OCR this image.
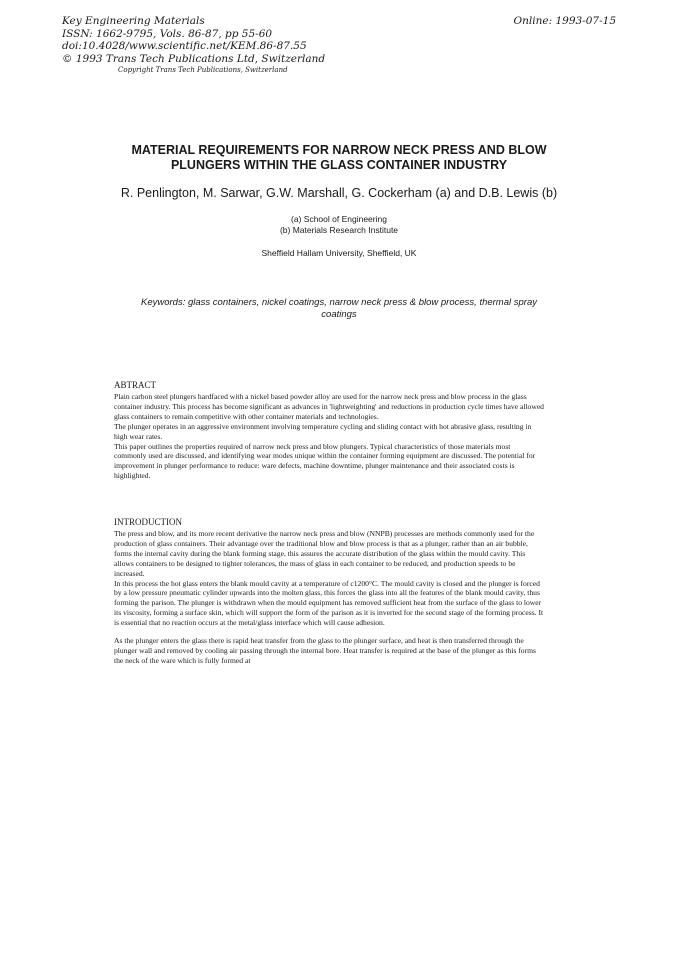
Key Engineering Materials
ISSN: 1662-9795, Vols. 86-87, pp 55-60
doi:10.4028/www.scientific.net/KEM.86-87.55
© 1993 Trans Tech Publications Ltd, Switzerland
Online: 1993-07-15
Copyright Trans Tech Publications, Switzerland
MATERIAL REQUIREMENTS FOR NARROW NECK PRESS AND BLOW PLUNGERS WITHIN THE GLASS CONTAINER INDUSTRY
R. Penlington, M. Sarwar, G.W. Marshall, G. Cockerham (a) and D.B. Lewis (b)
(a) School of Engineering
(b) Materials Research Institute
Sheffield Hallam University, Sheffield, UK
Keywords: glass containers, nickel coatings, narrow neck press & blow process, thermal spray coatings
ABTRACT

Plain carbon steel plungers hardfaced with a nickel based powder alloy are used for the narrow neck press and blow process in the glass container industry. This process has become significant as advances in 'lightweighting' and reductions in production cycle times have allowed glass containers to remain competitive with other container materials and technologies.

The plunger operates in an aggressive environment involving temperature cycling and sliding contact with hot abrasive glass, resulting in high wear rates.

This paper outlines the properties required of narrow neck press and blow plungers. Typical characteristics of those materials most commonly used are discussed, and identifying wear modes unique within the container forming equipment are discussed. The potential for improvement in plunger performance to reduce: ware defects, machine downtime, plunger maintenance and their associated costs is highlighted.

INTRODUCTION

The press and blow, and its more recent derivative the narrow neck press and blow (NNPB) processes are methods commonly used for the production of glass containers. Their advantage over the traditional blow and blow process is that as a plunger, rather than an air bubble, forms the internal cavity during the blank forming stage, this assures the accurate distribution of the glass within the mould cavity. This allows containers to be designed to tighter tolerances, the mass of glass in each container to be reduced, and production speeds to be increased.

In this process the hot glass enters the blank mould cavity at a temperature of c1200°C. The mould cavity is closed and the plunger is forced by a low pressure pneumatic cylinder upwards into the molten glass, this forces the glass into all the features of the blank mould cavity, thus forming the parison. The plunger is withdrawn when the mould equipment has removed sufficient heat from the surface of the glass to lower its viscosity, forming a surface skin, which will support the form of the parison as it is inverted for the second stage of the forming process. It is essential that no reaction occurs at the metal/glass interface which will cause adhesion.

As the plunger enters the glass there is rapid heat transfer from the glass to the plunger surface, and heat is then transferred through the plunger wall and removed by cooling air passing through the internal bore. Heat transfer is required at the base of the plunger as this forms the neck of the ware which is fully formed at
